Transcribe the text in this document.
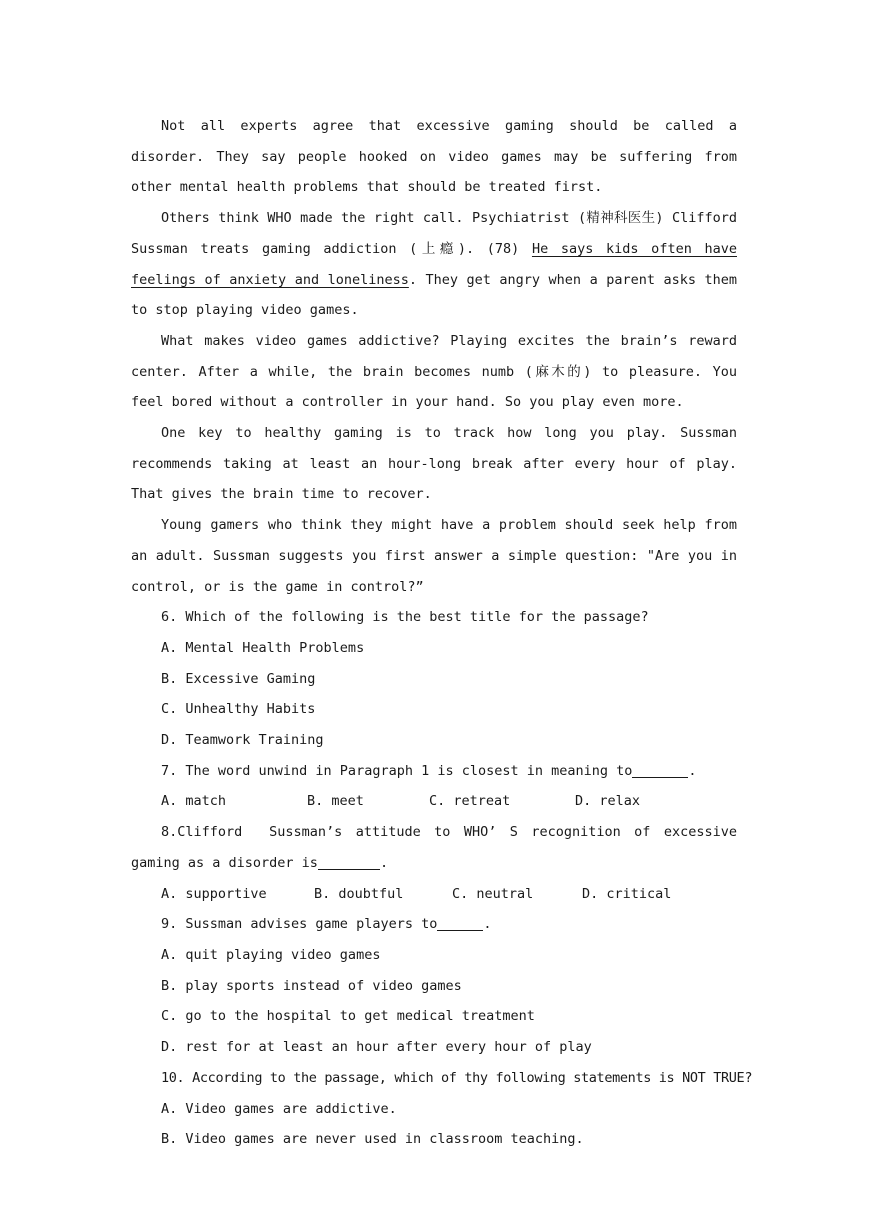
Not all experts agree that excessive gaming should be called a disorder. They say people hooked on video games may be suffering from other mental health problems that should be treated first.

Others think WHO made the right call. Psychiatrist (精神科医生) Clifford Sussman treats gaming addiction (上瘾). (78) He says kids often have feelings of anxiety and loneliness. They get angry when a parent asks them to stop playing video games.

What makes video games addictive? Playing excites the brain’s reward center. After a while, the brain becomes numb (麻木的) to pleasure. You feel bored without a controller in your hand. So you play even more.

One key to healthy gaming is to track how long you play. Sussman recommends taking at least an hour-long break after every hour of play. That gives the brain time to recover.

Young gamers who think they might have a problem should seek help from an adult. Sussman suggests you first answer a simple question: "Are you in control, or is the game in control?”

6. Which of the following is the best title for the passage?

A. Mental Health Problems

B. Excessive Gaming

C. Unhealthy Habits

D. Teamwork Training

7. The word unwind in Paragraph 1 is closest in meaning to	.

A. match	B. meet	C. retreat	D. relax

8.Clifford  Sussman’s attitude to WHO’ S recognition of excessive gaming as a disorder is	.

A. supportive	B. doubtful	C. neutral	D. critical

9. Sussman advises game players to	.

A. quit playing video games

B. play sports instead of video games

C. go to the hospital to get medical treatment

D. rest for at least an hour after every hour of play

10. According to the passage, which of thy following statements is NOT TRUE?

A. Video games are addictive.

B. Video games are never used in classroom teaching.
